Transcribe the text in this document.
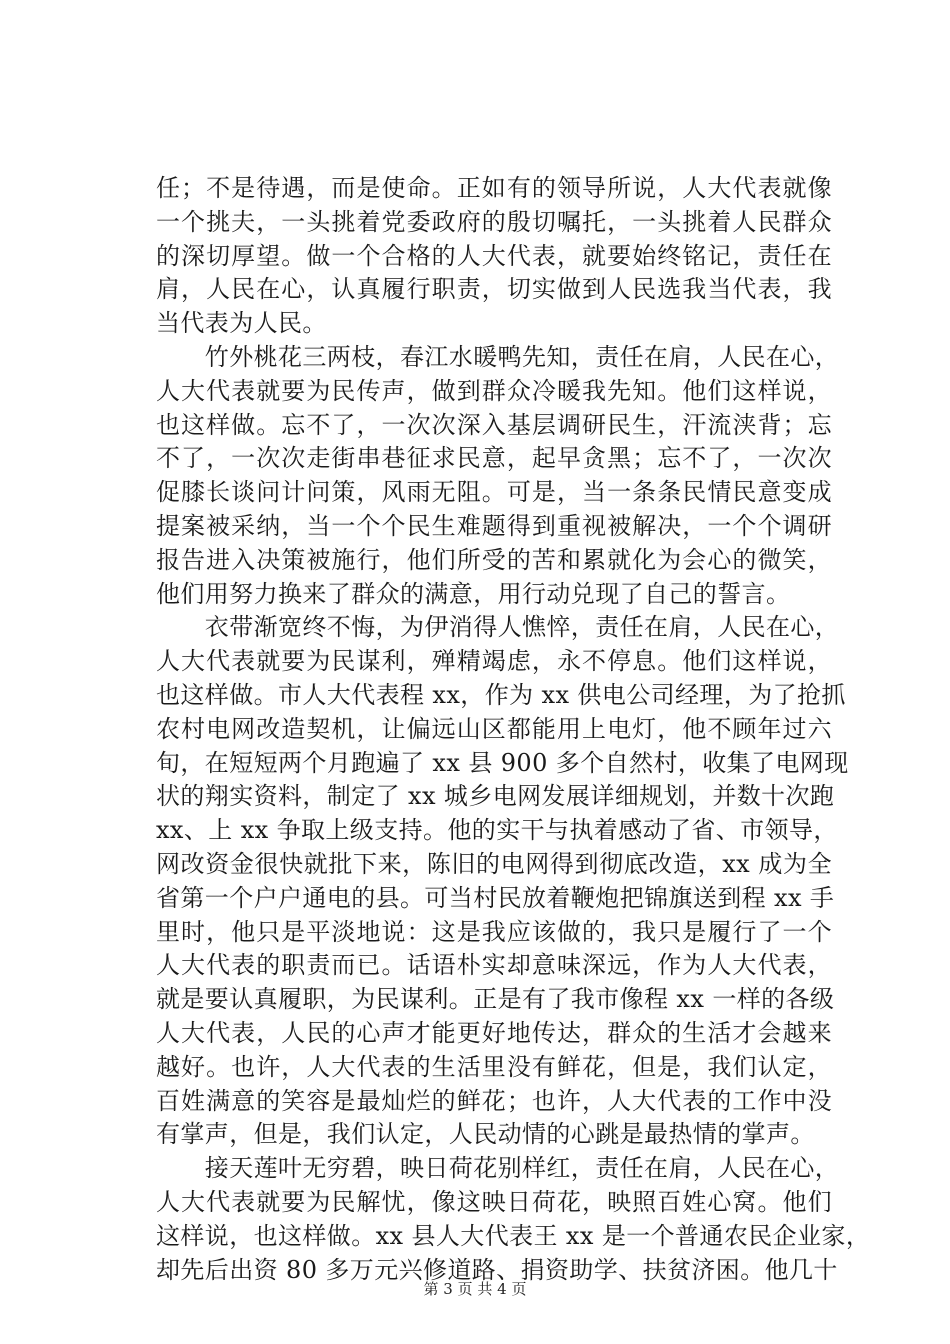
任；不是待遇，而是使命。正如有的领导所说，人大代表就像
一个挑夫，一头挑着党委政府的殷切嘱托，一头挑着人民群众
的深切厚望。做一个合格的人大代表，就要始终铭记，责任在
肩，人民在心，认真履行职责，切实做到人民选我当代表，我
当代表为人民。
　　竹外桃花三两枝，春江水暖鸭先知，责任在肩，人民在心，
人大代表就要为民传声，做到群众冷暖我先知。他们这样说，
也这样做。忘不了，一次次深入基层调研民生，汗流浃背；忘
不了，一次次走街串巷征求民意，起早贪黑；忘不了，一次次
促膝长谈问计问策，风雨无阻。可是，当一条条民情民意变成
提案被采纳，当一个个民生难题得到重视被解决，一个个调研
报告进入决策被施行，他们所受的苦和累就化为会心的微笑，
他们用努力换来了群众的满意，用行动兑现了自己的誓言。
　　衣带渐宽终不悔，为伊消得人憔悴，责任在肩，人民在心，
人大代表就要为民谋利，殚精竭虑，永不停息。他们这样说，
也这样做。市人大代表程 xx，作为 xx 供电公司经理，为了抢抓
农村电网改造契机，让偏远山区都能用上电灯，他不顾年过六
旬，在短短两个月跑遍了 xx 县 900 多个自然村，收集了电网现
状的翔实资料，制定了 xx 城乡电网发展详细规划，并数十次跑
xx、上 xx 争取上级支持。他的实干与执着感动了省、市领导，
网改资金很快就批下来，陈旧的电网得到彻底改造，xx 成为全
省第一个户户通电的县。可当村民放着鞭炮把锦旗送到程 xx 手
里时，他只是平淡地说：这是我应该做的，我只是履行了一个
人大代表的职责而已。话语朴实却意味深远，作为人大代表，
就是要认真履职，为民谋利。正是有了我市像程 xx 一样的各级
人大代表，人民的心声才能更好地传达，群众的生活才会越来
越好。也许，人大代表的生活里没有鲜花，但是，我们认定，
百姓满意的笑容是最灿烂的鲜花；也许，人大代表的工作中没
有掌声，但是，我们认定，人民动情的心跳是最热情的掌声。
　　接天莲叶无穷碧，映日荷花别样红，责任在肩，人民在心，
人大代表就要为民解忧，像这映日荷花，映照百姓心窝。他们
这样说，也这样做。xx 县人大代表王 xx 是一个普通农民企业家，
却先后出资 80 多万元兴修道路、捐资助学、扶贫济困。他几十
第 3 页 共 4 页
